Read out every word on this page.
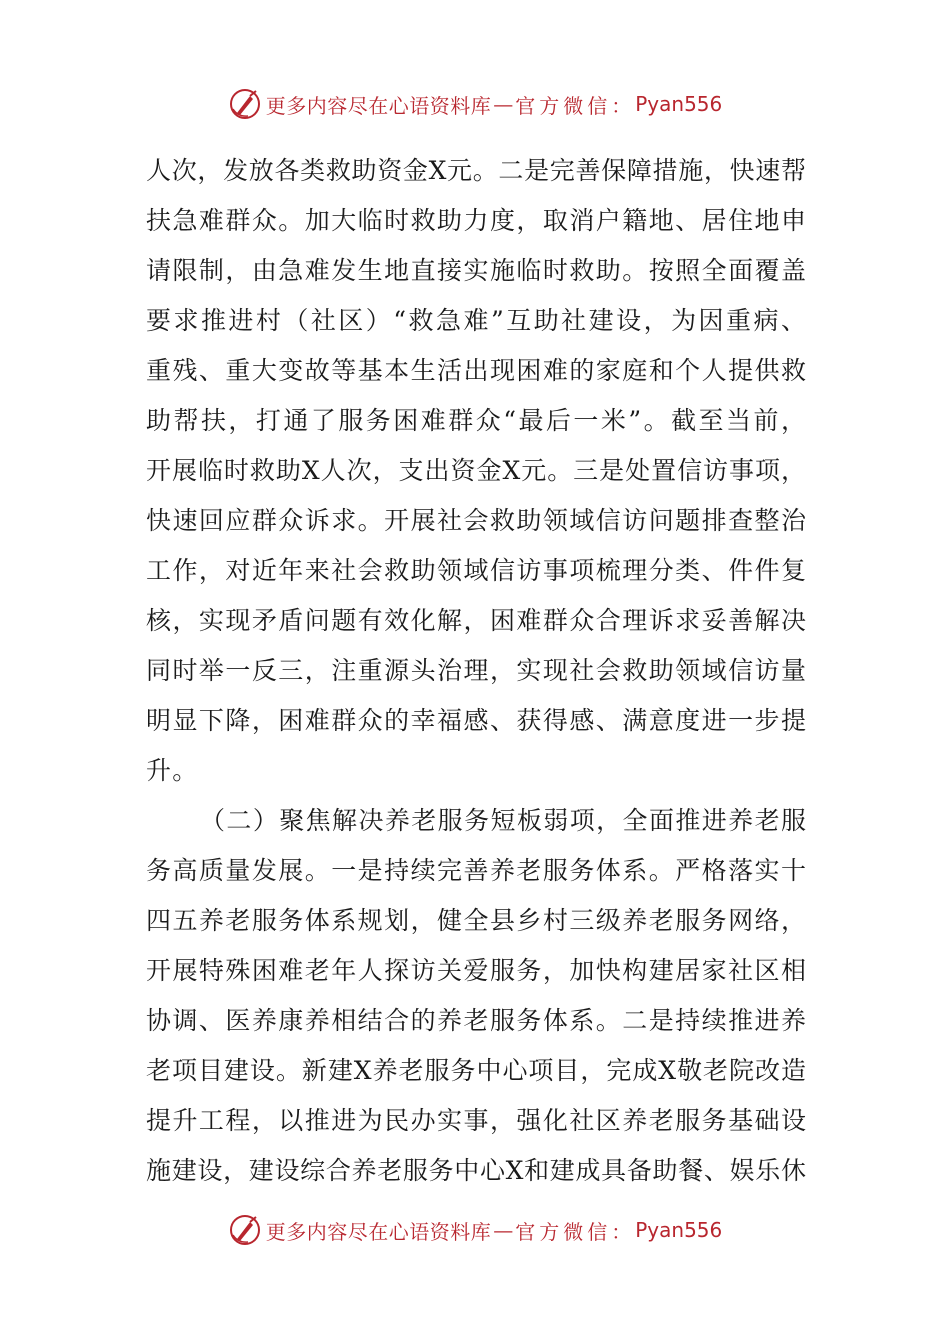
更多内容尽在心语资料库 — 官方微信： Pyan556
人次，发放各类救助资金X元。二是完善保障措施，快速帮
扶急难群众。加大临时救助力度，取消户籍地、居住地申
请限制，由急难发生地直接实施临时救助。按照全面覆盖
要求推进村（社区）“救急难”互助社建设，为因重病、
重残、重大变故等基本生活出现困难的家庭和个人提供救
助帮扶，打通了服务困难群众“最后一米”。截至当前，
开展临时救助X人次，支出资金X元。三是处置信访事项，
快速回应群众诉求。开展社会救助领域信访问题排查整治
工作，对近年来社会救助领域信访事项梳理分类、件件复
核，实现矛盾问题有效化解，困难群众合理诉求妥善解决
同时举一反三，注重源头治理，实现社会救助领域信访量
明显下降，困难群众的幸福感、获得感、满意度进一步提
升。
（二）聚焦解决养老服务短板弱项，全面推进养老服
务高质量发展。一是持续完善养老服务体系。严格落实十
四五养老服务体系规划，健全县乡村三级养老服务网络，
开展特殊困难老年人探访关爱服务，加快构建居家社区相
协调、医养康养相结合的养老服务体系。二是持续推进养
老项目建设。新建X养老服务中心项目，完成X敬老院改造
提升工程，以推进为民办实事，强化社区养老服务基础设
施建设，建设综合养老服务中心X和建成具备助餐、娱乐休
更多内容尽在心语资料库 — 官方微信： Pyan556
